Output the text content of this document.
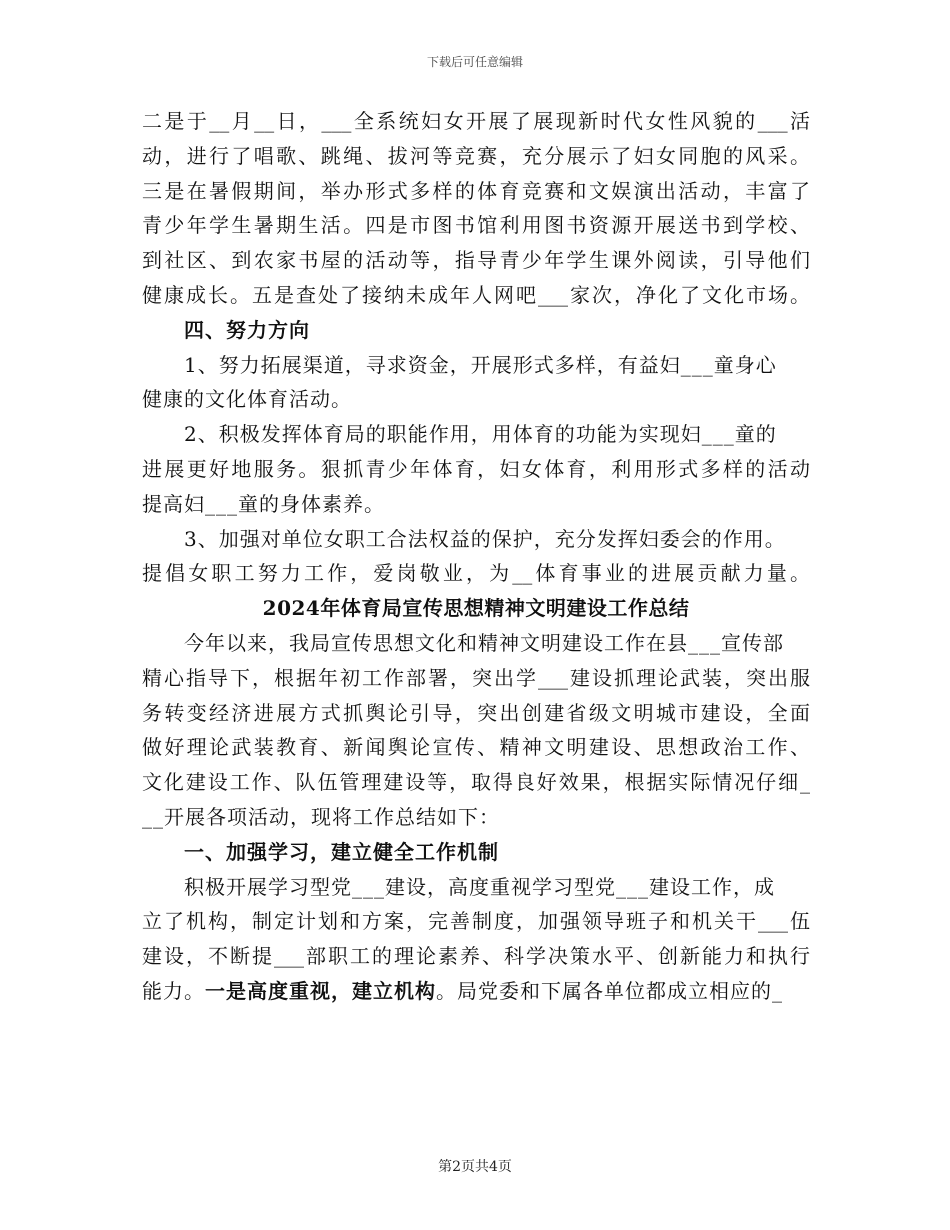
下载后可任意编辑
二是于__月__日，___全系统妇女开展了展现新时代女性风貌的___活
动，进行了唱歌、跳绳、拔河等竞赛，充分展示了妇女同胞的风采。
三是在暑假期间，举办形式多样的体育竞赛和文娱演出活动，丰富了
青少年学生暑期生活。四是市图书馆利用图书资源开展送书到学校、
到社区、到农家书屋的活动等，指导青少年学生课外阅读，引导他们
健康成长。五是查处了接纳未成年人网吧___家次，净化了文化市场。
四、努力方向
1、努力拓展渠道，寻求资金，开展形式多样，有益妇___童身心
健康的文化体育活动。
2、积极发挥体育局的职能作用，用体育的功能为实现妇___童的
进展更好地服务。狠抓青少年体育，妇女体育，利用形式多样的活动
提高妇___童的身体素养。
3、加强对单位女职工合法权益的保护，充分发挥妇委会的作用。
提倡女职工努力工作，爱岗敬业，为__体育事业的进展贡献力量。
2024年体育局宣传思想精神文明建设工作总结
今年以来，我局宣传思想文化和精神文明建设工作在县___宣传部
精心指导下，根据年初工作部署，突出学___建设抓理论武装，突出服
务转变经济进展方式抓舆论引导，突出创建省级文明城市建设，全面
做好理论武装教育、新闻舆论宣传、精神文明建设、思想政治工作、
文化建设工作、队伍管理建设等，取得良好效果，根据实际情况仔细_
__开展各项活动，现将工作总结如下：
一、加强学习，建立健全工作机制
积极开展学习型党___建设，高度重视学习型党___建设工作，成
立了机构，制定计划和方案，完善制度，加强领导班子和机关干___伍
建设，不断提___部职工的理论素养、科学决策水平、创新能力和执行
能力。一是高度重视，建立机构。局党委和下属各单位都成立相应的_
第2页共4页
